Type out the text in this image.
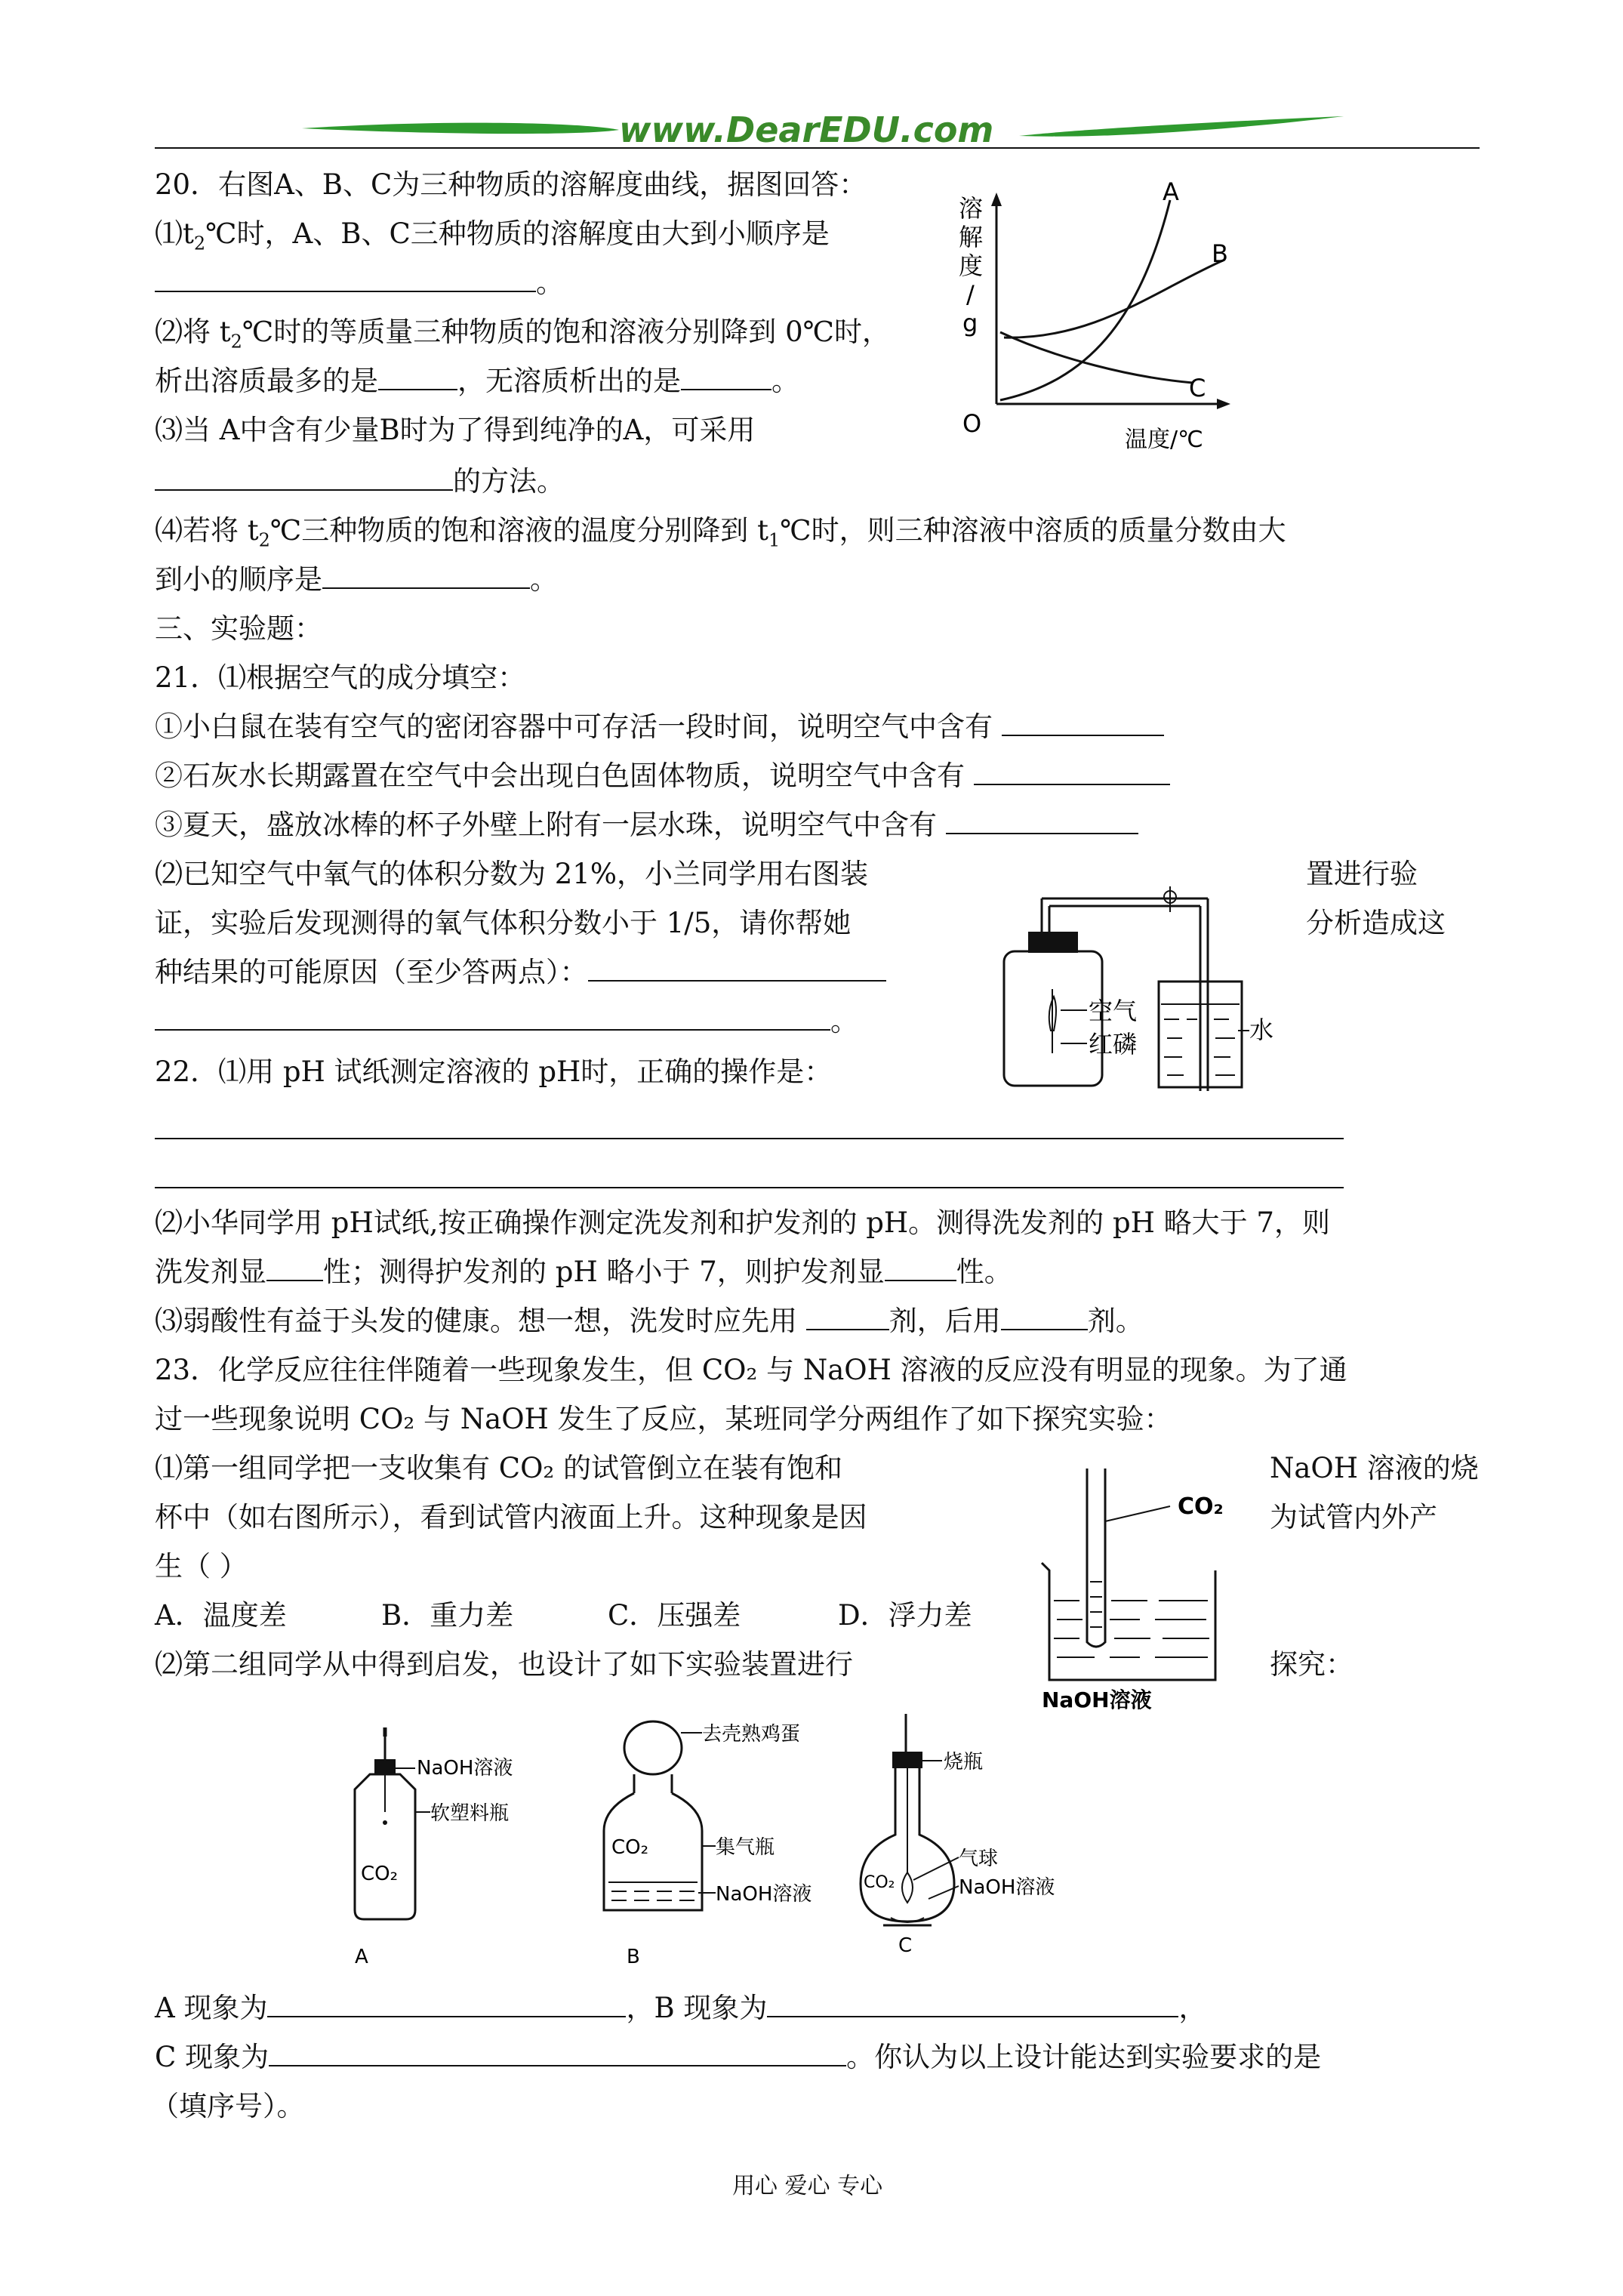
www.DearEDU.com
20．右图A、B、C为三种物质的溶解度曲线，据图回答：
$⑴t_2℃$时，A、B、C三种物质的溶解度由大到小顺序是
。
⑵将 $t_2℃$时的等质量三种物质的饱和溶液分别降到 0℃时，
析出溶质最多的是	，无溶质析出的是	。
⑶当 A中含有少量B时为了得到纯净的A，可采用
的方法。
⑷若将 $t_2℃$三种物质的饱和溶液的温度分别降到 $t_1℃$时，则三种溶液中溶质的质量分数由大
到小的顺序是	。
溶
解
度
/
g
O
温度/℃
A
B
C
三、实验题：
21．⑴根据空气的成分填空：
①小白鼠在装有空气的密闭容器中可存活一段时间，说明空气中含有
②石灰水长期露置在空气中会出现白色固体物质，说明空气中含有
③夏天，盛放冰棒的杯子外壁上附有一层水珠，说明空气中含有
⑵已知空气中氧气的体积分数为 21%，小兰同学用右图装	置进行验
证，实验后发现测得的氧气体积分数小于 1/5，请你帮她	分析造成这
种结果的可能原因（至少答两点）：
。	空气
红磷	水
22．⑴用 pH 试纸测定溶液的 pH时，正确的操作是：
⑵小华同学用 pH试纸,按正确操作测定洗发剂和护发剂的 pH。测得洗发剂的 pH 略大于 7，则
洗发剂显 性；测得护发剂的 pH 略小于 7，则护发剂显	性。
⑶弱酸性有益于头发的健康。想一想，洗发时应先用	剂，后用	剂。
23．化学反应往往伴随着一些现象发生，但 CO₂ 与 NaOH 溶液的反应没有明显的现象。为了通
过一些现象说明 CO₂ 与 NaOH 发生了反应，某班同学分两组作了如下探究实验：
⑴第一组同学把一支收集有 CO₂ 的试管倒立在装有饱和	NaOH 溶液的烧
杯中（如右图所示），看到试管内液面上升。这种现象是因	为试管内外产
生（ ）
A．温度差	B．重力差	C．压强差	D．浮力差
⑵第二组同学从中得到启发，也设计了如下实验装置进行	探究：
CO₂
NaOH溶液
NaOH溶液
软塑料瓶
CO₂
A
去壳熟鸡蛋
集气瓶
NaOH溶液
CO₂
B
烧瓶
气球
NaOH溶液
CO₂
C
A 现象为	，B 现象为	，
C 现象为	。你认为以上设计能达到实验要求的是
（填序号）。
用心 爱心 专心
